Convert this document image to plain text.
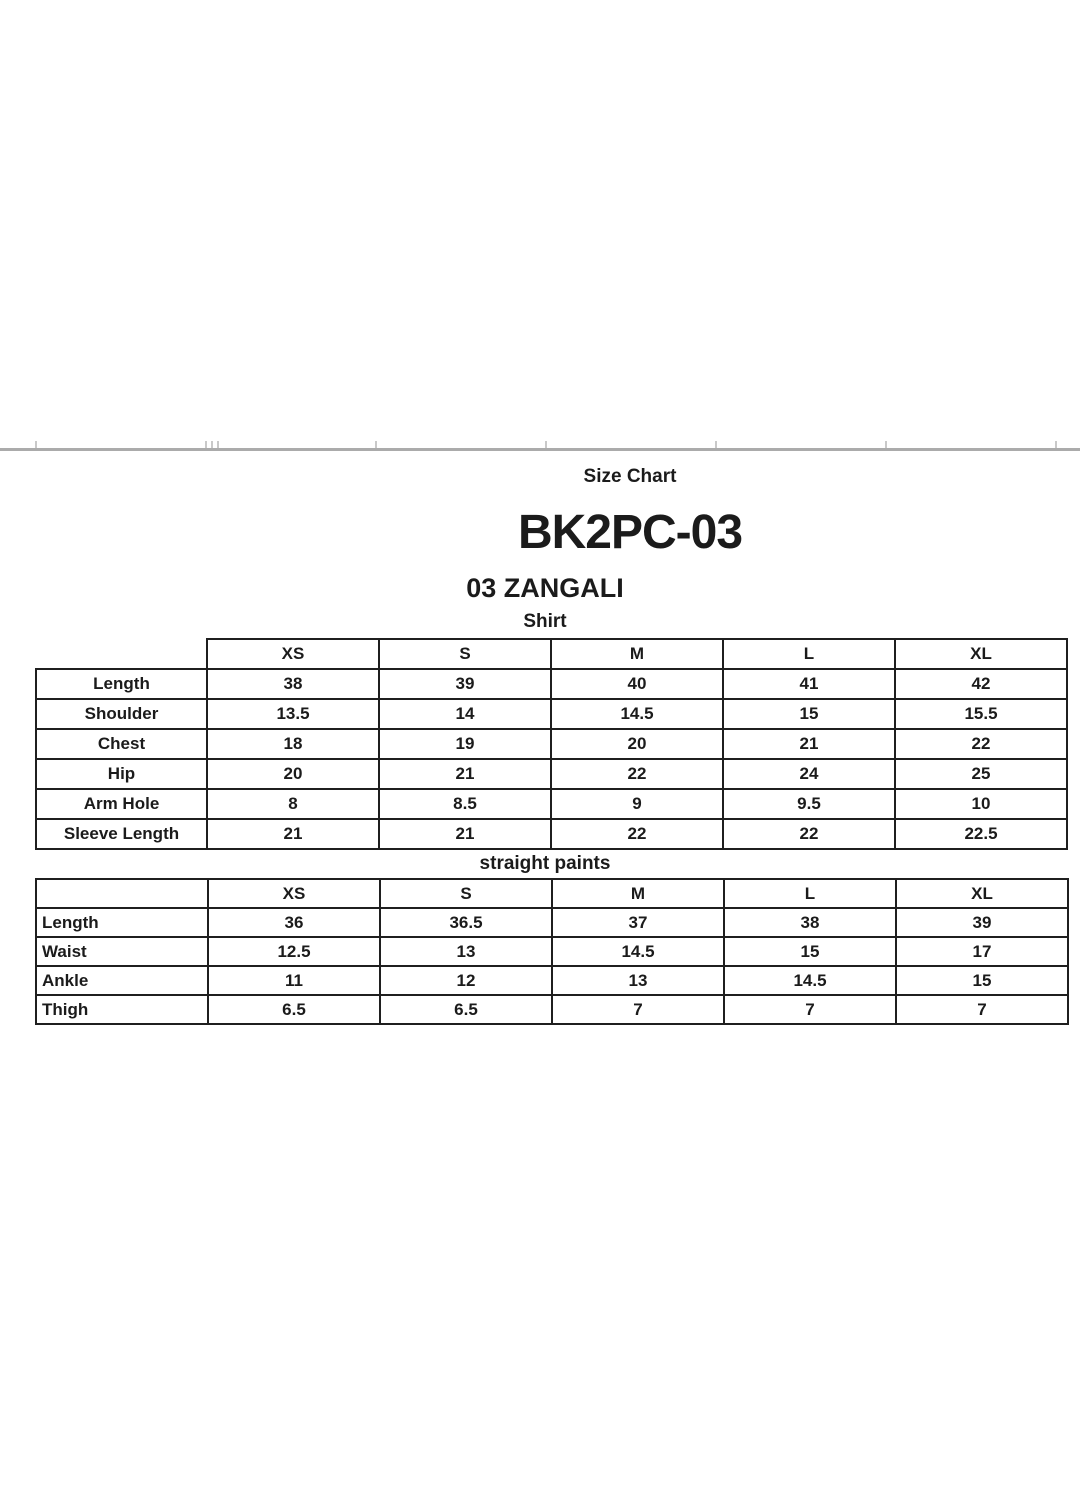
Size Chart
BK2PC-03
03 ZANGALI
Shirt
	XS	S	M	L	XL
Length	38	39	40	41	42
Shoulder	13.5	14	14.5	15	15.5
Chest	18	19	20	21	22
Hip	20	21	22	24	25
Arm Hole	8	8.5	9	9.5	10
Sleeve Length	21	21	22	22	22.5
straight paints
	XS	S	M	L	XL
Length	36	36.5	37	38	39
Waist	12.5	13	14.5	15	17
Ankle	11	12	13	14.5	15
Thigh	6.5	6.5	7	7	7
